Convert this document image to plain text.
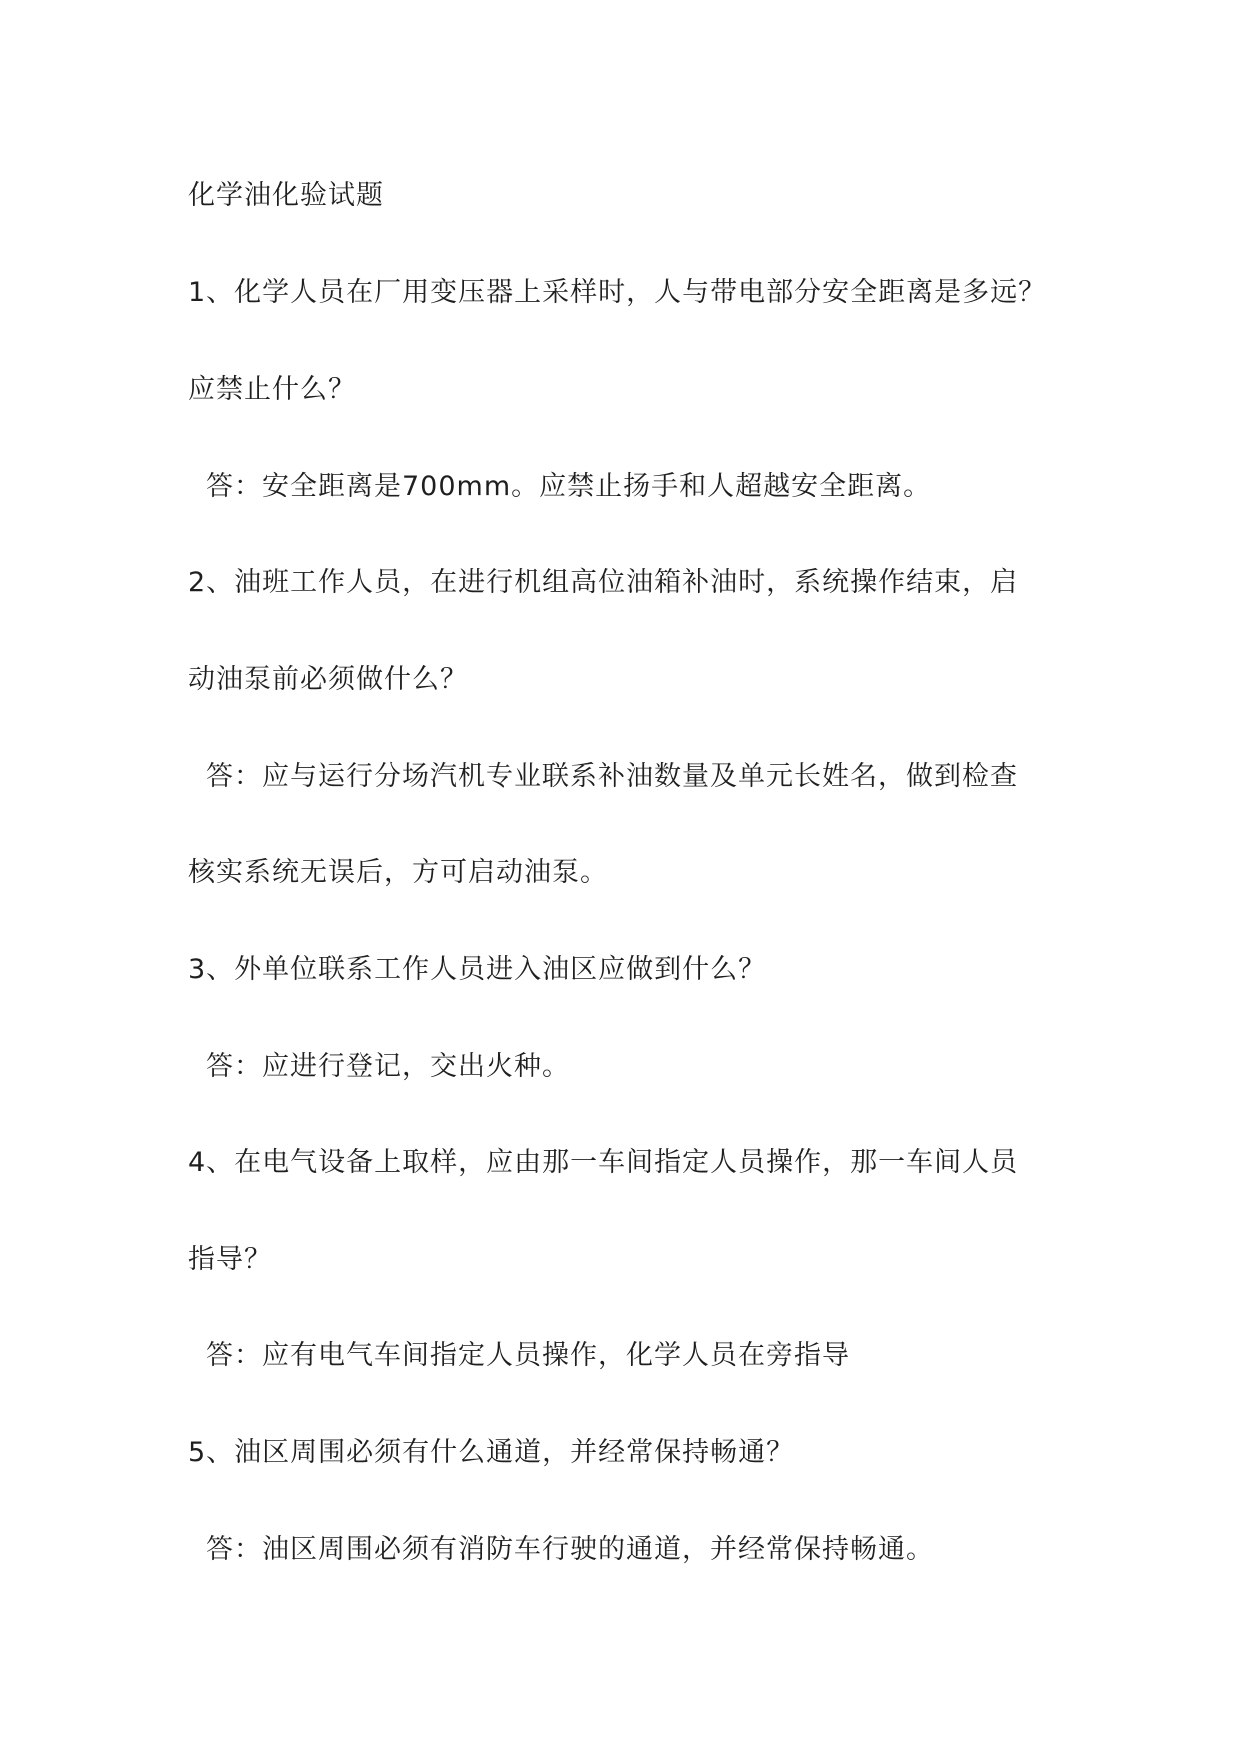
化学油化验试题
1、化学人员在厂用变压器上采样时，人与带电部分安全距离是多远？
应禁止什么？
答：安全距离是700mm。应禁止扬手和人超越安全距离。
2、油班工作人员，在进行机组高位油箱补油时，系统操作结束，启
动油泵前必须做什么？
答：应与运行分场汽机专业联系补油数量及单元长姓名，做到检查
核实系统无误后，方可启动油泵。
3、外单位联系工作人员进入油区应做到什么？
答：应进行登记，交出火种。
4、在电气设备上取样，应由那一车间指定人员操作，那一车间人员
指导？
答：应有电气车间指定人员操作，化学人员在旁指导
5、油区周围必须有什么通道，并经常保持畅通？
答：油区周围必须有消防车行驶的通道，并经常保持畅通。
